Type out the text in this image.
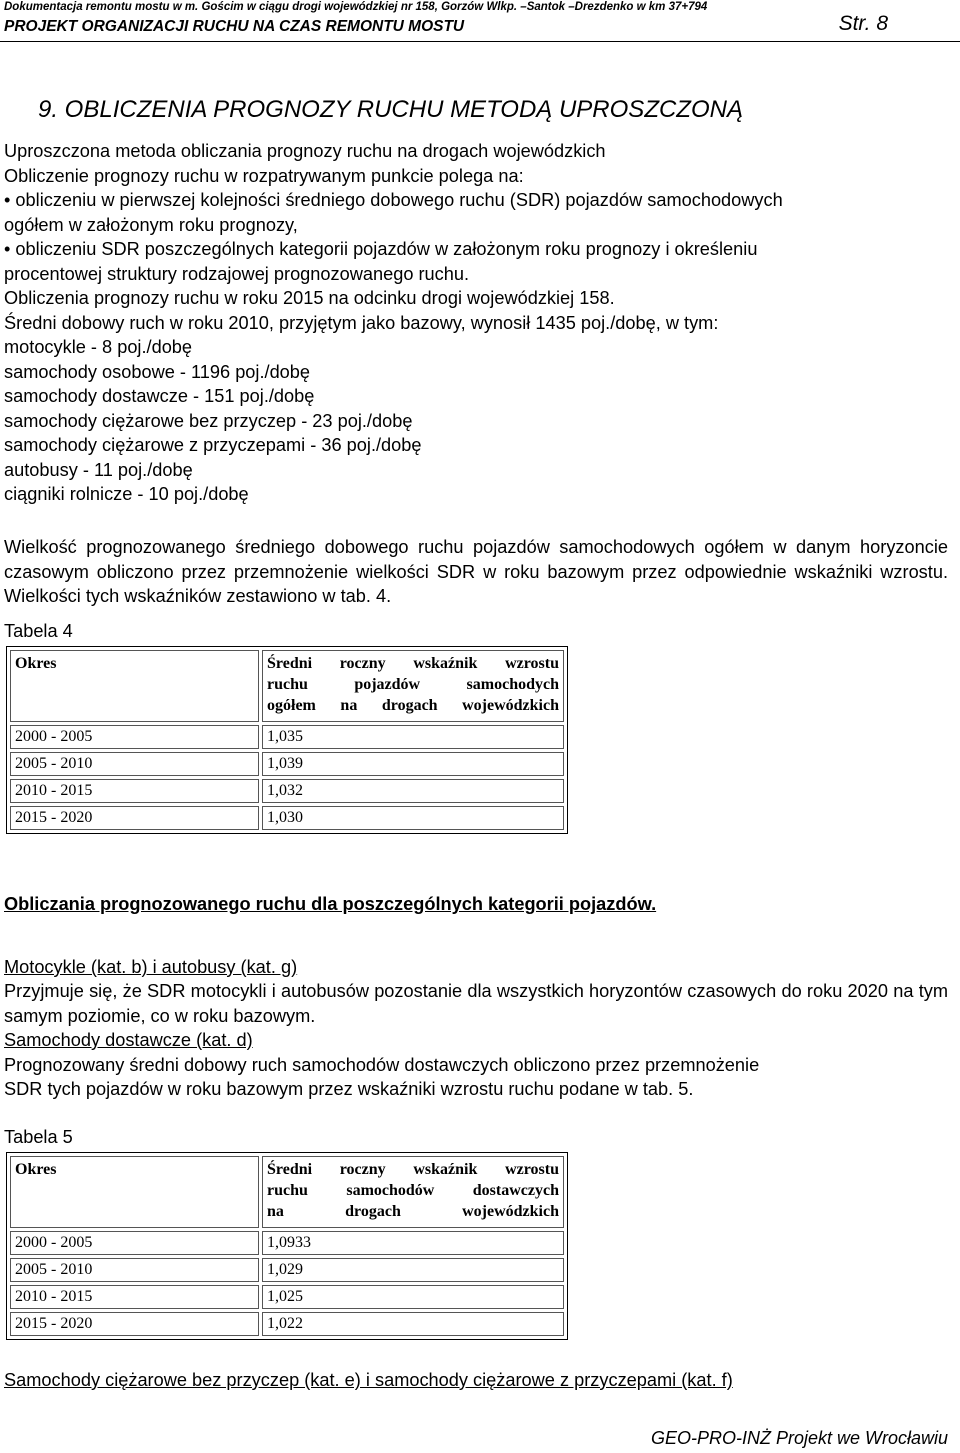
Dokumentacja remontu mostu w m. Gościm w ciągu drogi wojewódzkiej nr 158, Gorzów Wlkp. –Santok –Drezdenko w km 37+794
PROJEKT ORGANIZACJI RUCHU NA CZAS REMONTU MOSTU	Str. 8
9. OBLICZENIA PROGNOZY RUCHU METODĄ UPROSZCZONĄ
Uproszczona metoda obliczania prognozy ruchu na drogach wojewódzkich
Obliczenie prognozy ruchu w rozpatrywanym punkcie polega na:
• obliczeniu w pierwszej kolejności średniego dobowego ruchu (SDR) pojazdów samochodowych
ogółem w założonym roku prognozy,
• obliczeniu SDR poszczególnych kategorii pojazdów w założonym roku prognozy i określeniu
procentowej struktury rodzajowej prognozowanego ruchu.
Obliczenia prognozy ruchu w roku 2015 na odcinku drogi wojewódzkiej 158.
Średni dobowy ruch w roku 2010, przyjętym jako bazowy, wynosił 1435 poj./dobę, w tym:
motocykle - 8 poj./dobę
samochody osobowe - 1196 poj./dobę
samochody dostawcze - 151 poj./dobę
samochody ciężarowe bez przyczep - 23 poj./dobę
samochody ciężarowe z przyczepami - 36 poj./dobę
autobusy - 11 poj./dobę
ciągniki rolnicze - 10 poj./dobę
Wielkość prognozowanego średniego dobowego ruchu pojazdów samochodowych ogółem w danym horyzoncie czasowym obliczono przez przemnożenie wielkości SDR w roku bazowym przez odpowiednie wskaźniki wzrostu. Wielkości tych wskaźników zestawiono w tab. 4.
Tabela 4
Okres	Średni roczny wskaźnik wzrostu
ruchu pojazdów samochodych
ogółem na drogach wojewódzkich

2000 - 2005	1,035
2005 - 2010	1,039
2010 - 2015	1,032
2015 - 2020	1,030
Obliczania prognozowanego ruchu dla poszczególnych kategorii pojazdów.
Motocykle (kat. b) i autobusy (kat. g)
Przyjmuje się, że SDR motocykli i autobusów pozostanie dla wszystkich horyzontów czasowych do roku 2020 na tym samym poziomie, co w roku bazowym.
Samochody dostawcze (kat. d)
Prognozowany średni dobowy ruch samochodów dostawczych obliczono przez przemnożenie
SDR tych pojazdów w roku bazowym przez wskaźniki wzrostu ruchu podane w tab. 5.
Tabela 5
Okres	Średni roczny wskaźnik wzrostu
ruchu samochodów dostawczych
na drogach wojewódzkich

2000 - 2005	1,0933
2005 - 2010	1,029
2010 - 2015	1,025
2015 - 2020	1,022
Samochody ciężarowe bez przyczep (kat. e) i samochody ciężarowe z przyczepami (kat. f)
GEO-PRO-INŻ Projekt we Wrocławiu
